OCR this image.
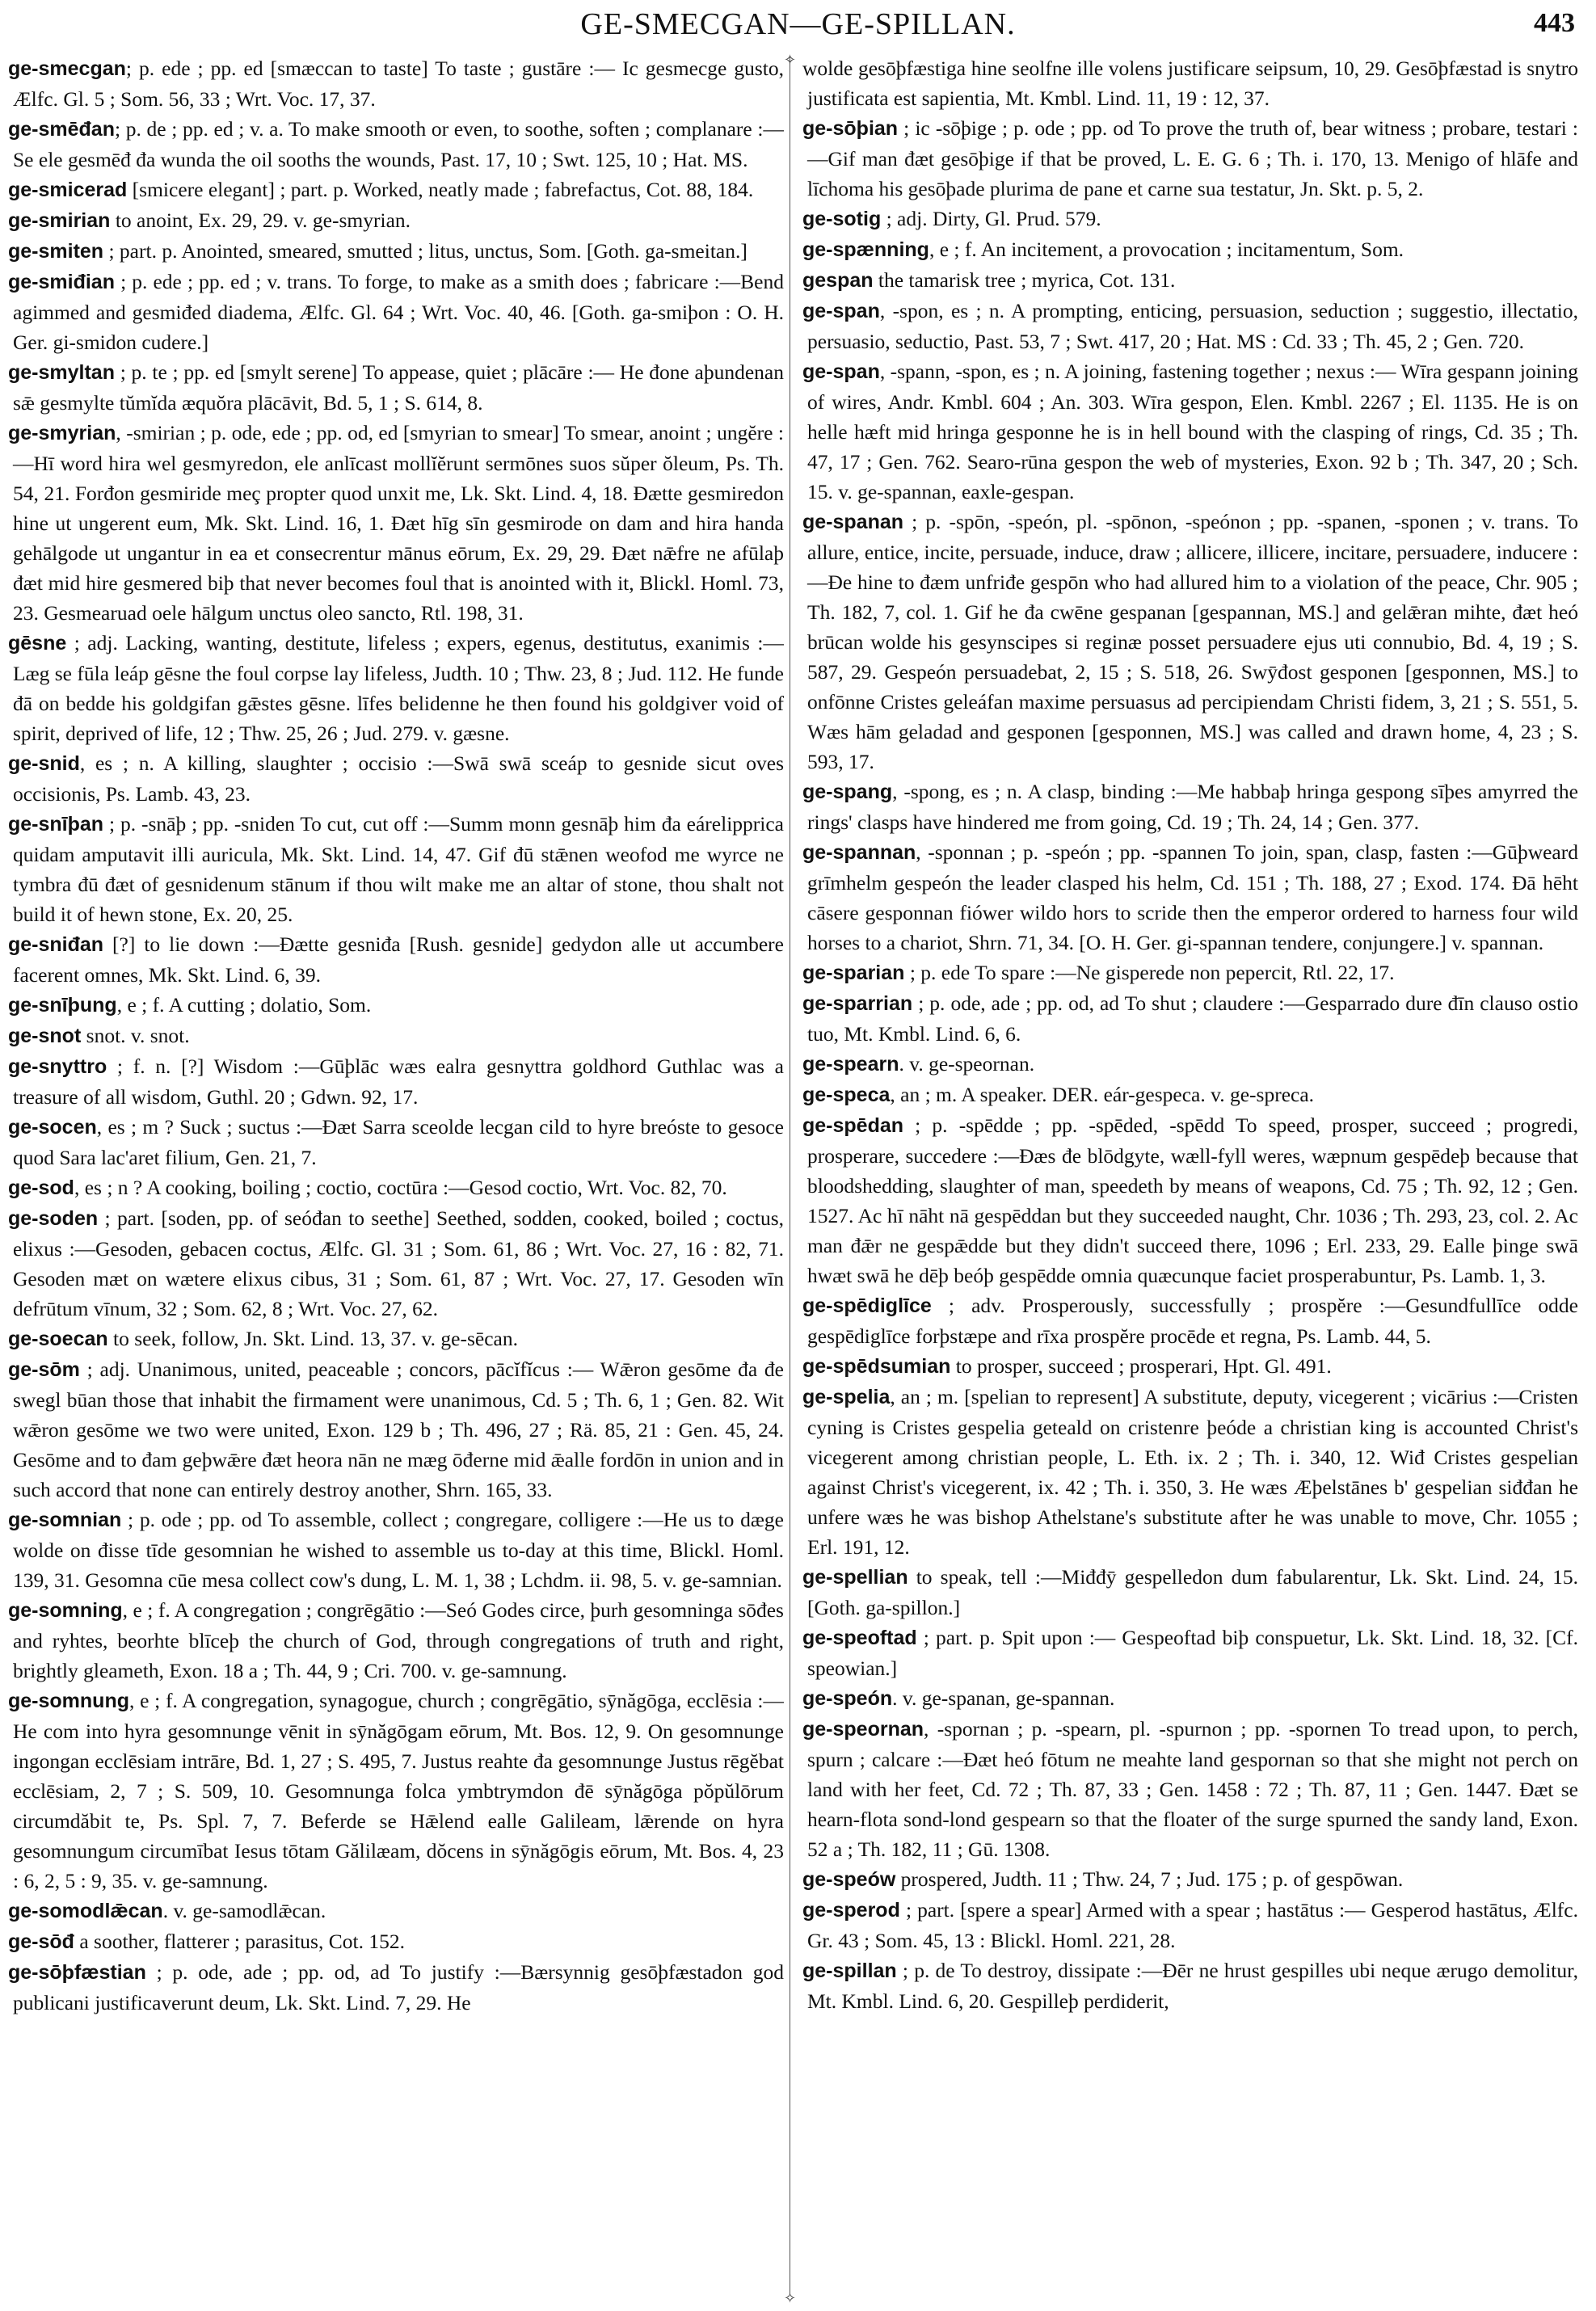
GE-SMECGAN—GE-SPILLAN.	443
✧
✧

ge-smecgan; p. ede ; pp. ed [smæccan to taste] To taste ; gustāre :— Ic gesmecge gusto, Ælfc. Gl. 5 ; Som. 56, 33 ; Wrt. Voc. 17, 37.

ge-smēđan; p. de ; pp. ed ; v. a. To make smooth or even, to soothe, soften ; complanare :—Se ele gesmēđ đa wunda the oil sooths the wounds, Past. 17, 10 ; Swt. 125, 10 ; Hat. MS.

ge-smicerad [smicere elegant] ; part. p. Worked, neatly made ; fabrefactus, Cot. 88, 184.

ge-smirian to anoint, Ex. 29, 29. v. ge-smyrian.

ge-smiten ; part. p. Anointed, smeared, smutted ; litus, unctus, Som. [Goth. ga-smeitan.]

ge-smiđian ; p. ede ; pp. ed ; v. trans. To forge, to make as a smith does ; fabricare :—Bend agimmed and gesmiđed diadema, Ælfc. Gl. 64 ; Wrt. Voc. 40, 46. [Goth. ga-smiþon : O. H. Ger. gi-smidon cudere.]

ge-smyltan ; p. te ; pp. ed [smylt serene] To appease, quiet ; plācāre :— He đone aþundenan sǣ gesmylte tŭmĭda æquŏra plācāvit, Bd. 5, 1 ; S. 614, 8.

ge-smyrian, -smirian ; p. ode, ede ; pp. od, ed [smyrian to smear] To smear, anoint ; ungĕre :—Hī word hira wel gesmyredon, ele anlīcast mollĭĕrunt sermōnes suos sŭper ŏleum, Ps. Th. 54, 21. Forđon gesmiride meç propter quod unxit me, Lk. Skt. Lind. 4, 18. Đætte gesmiredon hine ut ungerent eum, Mk. Skt. Lind. 16, 1. Đæt hīg sīn gesmirode on dam and hira handa gehālgode ut ungantur in ea et consecrentur mānus eōrum, Ex. 29, 29. Đæt nǣfre ne afūlaþ đæt mid hire gesmered biþ that never becomes foul that is anointed with it, Blickl. Homl. 73, 23. Gesmearuad oele hālgum unctus oleo sancto, Rtl. 198, 31.

gēsne ; adj. Lacking, wanting, destitute, lifeless ; expers, egenus, destitutus, exanimis :—Læg se fūla leáp gēsne the foul corpse lay lifeless, Judth. 10 ; Thw. 23, 8 ; Jud. 112. He funde đā on bedde his goldgifan gǣstes gēsne. līfes belidenne he then found his goldgiver void of spirit, deprived of life, 12 ; Thw. 25, 26 ; Jud. 279. v. gæsne.

ge-snid, es ; n. A killing, slaughter ; occisio :—Swā swā sceáp to gesnide sicut oves occisionis, Ps. Lamb. 43, 23.

ge-snīþan ; p. -snāþ ; pp. -sniden To cut, cut off :—Summ monn gesnāþ him đa eárelipprica quidam amputavit illi auricula, Mk. Skt. Lind. 14, 47. Gif đū stǣnen weofod me wyrce ne tymbra đū đæt of gesnidenum stānum if thou wilt make me an altar of stone, thou shalt not build it of hewn stone, Ex. 20, 25.

ge-sniđan [?] to lie down :—Đætte gesniđa [Rush. gesnide] gedydon alle ut accumbere facerent omnes, Mk. Skt. Lind. 6, 39.

ge-snīþung, e ; f. A cutting ; dolatio, Som.

ge-snot snot. v. snot.

ge-snyttro ; f. n. [?] Wisdom :—Gūþlāc wæs ealra gesnyttra goldhord Guthlac was a treasure of all wisdom, Guthl. 20 ; Gdwn. 92, 17.

ge-socen, es ; m ? Suck ; suctus :—Đæt Sarra sceolde lecgan cild to hyre breóste to gesoce quod Sara lac'aret filium, Gen. 21, 7.

ge-sod, es ; n ? A cooking, boiling ; coctio, coctūra :—Gesod coctio, Wrt. Voc. 82, 70.

ge-soden ; part. [soden, pp. of seóđan to seethe] Seethed, sodden, cooked, boiled ; coctus, elixus :—Gesoden, gebacen coctus, Ælfc. Gl. 31 ; Som. 61, 86 ; Wrt. Voc. 27, 16 : 82, 71. Gesoden mæt on wætere elixus cibus, 31 ; Som. 61, 87 ; Wrt. Voc. 27, 17. Gesoden wīn defrūtum vīnum, 32 ; Som. 62, 8 ; Wrt. Voc. 27, 62.

ge-soecan to seek, follow, Jn. Skt. Lind. 13, 37. v. ge-sēcan.

ge-sōm ; adj. Unanimous, united, peaceable ; concors, pācĭfĭcus :— Wǣron gesōme đa đe swegl būan those that inhabit the firmament were unanimous, Cd. 5 ; Th. 6, 1 ; Gen. 82. Wit wǣron gesōme we two were united, Exon. 129 b ; Th. 496, 27 ; Rä. 85, 21 : Gen. 45, 24. Gesōme and to đam geþwǣre đæt heora nān ne mæg ōđerne mid ǣalle fordōn in union and in such accord that none can entirely destroy another, Shrn. 165, 33.

ge-somnian ; p. ode ; pp. od To assemble, collect ; congregare, colligere :—He us to dæge wolde on đisse tīde gesomnian he wished to assemble us to-day at this time, Blickl. Homl. 139, 31. Gesomna cūe mesa collect cow's dung, L. M. 1, 38 ; Lchdm. ii. 98, 5. v. ge-samnian.

ge-somning, e ; f. A congregation ; congrēgātio :—Seó Godes circe, þurh gesomninga sōđes and ryhtes, beorhte blīceþ the church of God, through congregations of truth and right, brightly gleameth, Exon. 18 a ; Th. 44, 9 ; Cri. 700. v. ge-samnung.

ge-somnung, e ; f. A congregation, synagogue, church ; congrēgātio, sȳnăgōga, ecclēsia :—He com into hyra gesomnunge vēnit in sȳnăgōgam eōrum, Mt. Bos. 12, 9. On gesomnunge ingongan ecclēsiam intrāre, Bd. 1, 27 ; S. 495, 7. Justus reahte đa gesomnunge Justus rēgĕbat ecclēsiam, 2, 7 ; S. 509, 10. Gesomnunga folca ymbtrymdon đē sȳnăgōga pŏpŭlōrum circumdăbit te, Ps. Spl. 7, 7. Beferde se Hǣlend ealle Galileam, lǣrende on hyra gesomnungum circumībat Iesus tōtam Gălilæam, dŏcens in sȳnăgōgis eōrum, Mt. Bos. 4, 23 : 6, 2, 5 : 9, 35. v. ge-samnung.

ge-somodlǣcan. v. ge-samodlǣcan.

ge-sōđ a soother, flatterer ; parasitus, Cot. 152.

ge-sōþfæstian ; p. ode, ade ; pp. od, ad To justify :—Bærsynnig gesōþfæstadon god publicani justificaverunt deum, Lk. Skt. Lind. 7, 29. He

wolde gesōþfæstiga hine seolfne ille volens justificare seipsum, 10, 29. Gesōþfæstad is snytro justificata est sapientia, Mt. Kmbl. Lind. 11, 19 : 12, 37.

ge-sōþian ; ic -sōþige ; p. ode ; pp. od To prove the truth of, bear witness ; probare, testari :—Gif man đæt gesōþige if that be proved, L. E. G. 6 ; Th. i. 170, 13. Menigo of hlāfe and līchoma his gesōþade plurima de pane et carne sua testatur, Jn. Skt. p. 5, 2.

ge-sotig ; adj. Dirty, Gl. Prud. 579.

ge-spænning, e ; f. An incitement, a provocation ; incitamentum, Som.

gespan the tamarisk tree ; myrica, Cot. 131.

ge-span, -spon, es ; n. A prompting, enticing, persuasion, seduction ; suggestio, illectatio, persuasio, seductio, Past. 53, 7 ; Swt. 417, 20 ; Hat. MS : Cd. 33 ; Th. 45, 2 ; Gen. 720.

ge-span, -spann, -spon, es ; n. A joining, fastening together ; nexus :— Wīra gespann joining of wires, Andr. Kmbl. 604 ; An. 303. Wīra gespon, Elen. Kmbl. 2267 ; El. 1135. He is on helle hæft mid hringa gesponne he is in hell bound with the clasping of rings, Cd. 35 ; Th. 47, 17 ; Gen. 762. Searo-rūna gespon the web of mysteries, Exon. 92 b ; Th. 347, 20 ; Sch. 15. v. ge-spannan, eaxle-gespan.

ge-spanan ; p. -spōn, -speón, pl. -spōnon, -speónon ; pp. -spanen, -sponen ; v. trans. To allure, entice, incite, persuade, induce, draw ; allicere, illicere, incitare, persuadere, inducere :—Đe hine to đæm unfriđe gespōn who had allured him to a violation of the peace, Chr. 905 ; Th. 182, 7, col. 1. Gif he đa cwēne gespanan [gespannan, MS.] and gelǣran mihte, đæt heó brūcan wolde his gesynscipes si reginæ posset persuadere ejus uti connubio, Bd. 4, 19 ; S. 587, 29. Gespeón persuadebat, 2, 15 ; S. 518, 26. Swȳđost gesponen [gesponnen, MS.] to onfōnne Cristes geleáfan maxime persuasus ad percipiendam Christi fidem, 3, 21 ; S. 551, 5. Wæs hām geladad and gesponen [gesponnen, MS.] was called and drawn home, 4, 23 ; S. 593, 17.

ge-spang, -spong, es ; n. A clasp, binding :—Me habbaþ hringa gespong sīþes amyrred the rings' clasps have hindered me from going, Cd. 19 ; Th. 24, 14 ; Gen. 377.

ge-spannan, -sponnan ; p. -speón ; pp. -spannen To join, span, clasp, fasten :—Gūþweard grīmhelm gespeón the leader clasped his helm, Cd. 151 ; Th. 188, 27 ; Exod. 174. Đā hēht cāsere gesponnan fiówer wildo hors to scride then the emperor ordered to harness four wild horses to a chariot, Shrn. 71, 34. [O. H. Ger. gi-spannan tendere, conjungere.] v. spannan.

ge-sparian ; p. ede To spare :—Ne gisperede non pepercit, Rtl. 22, 17.

ge-sparrian ; p. ode, ade ; pp. od, ad To shut ; claudere :—Gesparrado dure đīn clauso ostio tuo, Mt. Kmbl. Lind. 6, 6.

ge-spearn. v. ge-speornan.

ge-speca, an ; m. A speaker. DER. eár-gespeca. v. ge-spreca.

ge-spēdan ; p. -spēdde ; pp. -spēded, -spēdd To speed, prosper, succeed ; progredi, prosperare, succedere :—Đæs đe blōdgyte, wæll-fyll weres, wæpnum gespēdeþ because that bloodshedding, slaughter of man, speedeth by means of weapons, Cd. 75 ; Th. 92, 12 ; Gen. 1527. Ac hī nāht nā gespēddan but they succeeded naught, Chr. 1036 ; Th. 293, 23, col. 2. Ac man đǣr ne gespǣdde but they didn't succeed there, 1096 ; Erl. 233, 29. Ealle þinge swā hwæt swā he dēþ beóþ gespēdde omnia quæcunque faciet prosperabuntur, Ps. Lamb. 1, 3.

ge-spēdiglīce ; adv. Prosperously, successfully ; prospĕre :—Gesundfullīce odde gespēdiglīce forþstæpe and rīxa prospĕre procēde et regna, Ps. Lamb. 44, 5.

ge-spēdsumian to prosper, succeed ; prosperari, Hpt. Gl. 491.

ge-spelia, an ; m. [spelian to represent] A substitute, deputy, vicegerent ; vicārius :—Cristen cyning is Cristes gespelia geteald on cristenre þeóde a christian king is accounted Christ's vicegerent among christian people, L. Eth. ix. 2 ; Th. i. 340, 12. Wiđ Cristes gespelian against Christ's vicegerent, ix. 42 ; Th. i. 350, 3. He wæs Æþelstānes b' gespelian siđđan he unfere wæs he was bishop Athelstane's substitute after he was unable to move, Chr. 1055 ; Erl. 191, 12.

ge-spellian to speak, tell :—Miđđȳ gespelledon dum fabularentur, Lk. Skt. Lind. 24, 15. [Goth. ga-spillon.]

ge-speoftad ; part. p. Spit upon :— Gespeoftad biþ conspuetur, Lk. Skt. Lind. 18, 32. [Cf. speowian.]

ge-speón. v. ge-spanan, ge-spannan.

ge-speornan, -spornan ; p. -spearn, pl. -spurnon ; pp. -spornen To tread upon, to perch, spurn ; calcare :—Đæt heó fōtum ne meahte land gespornan so that she might not perch on land with her feet, Cd. 72 ; Th. 87, 33 ; Gen. 1458 : 72 ; Th. 87, 11 ; Gen. 1447. Đæt se hearn-flota sond-lond gespearn so that the floater of the surge spurned the sandy land, Exon. 52 a ; Th. 182, 11 ; Gū. 1308.

ge-speów prospered, Judth. 11 ; Thw. 24, 7 ; Jud. 175 ; p. of gespōwan.

ge-sperod ; part. [spere a spear] Armed with a spear ; hastātus :— Gesperod hastātus, Ælfc. Gr. 43 ; Som. 45, 13 : Blickl. Homl. 221, 28.

ge-spillan ; p. de To destroy, dissipate :—Đēr ne hrust gespilles ubi neque ærugo demolitur, Mt. Kmbl. Lind. 6, 20. Gespilleþ perdiderit,
